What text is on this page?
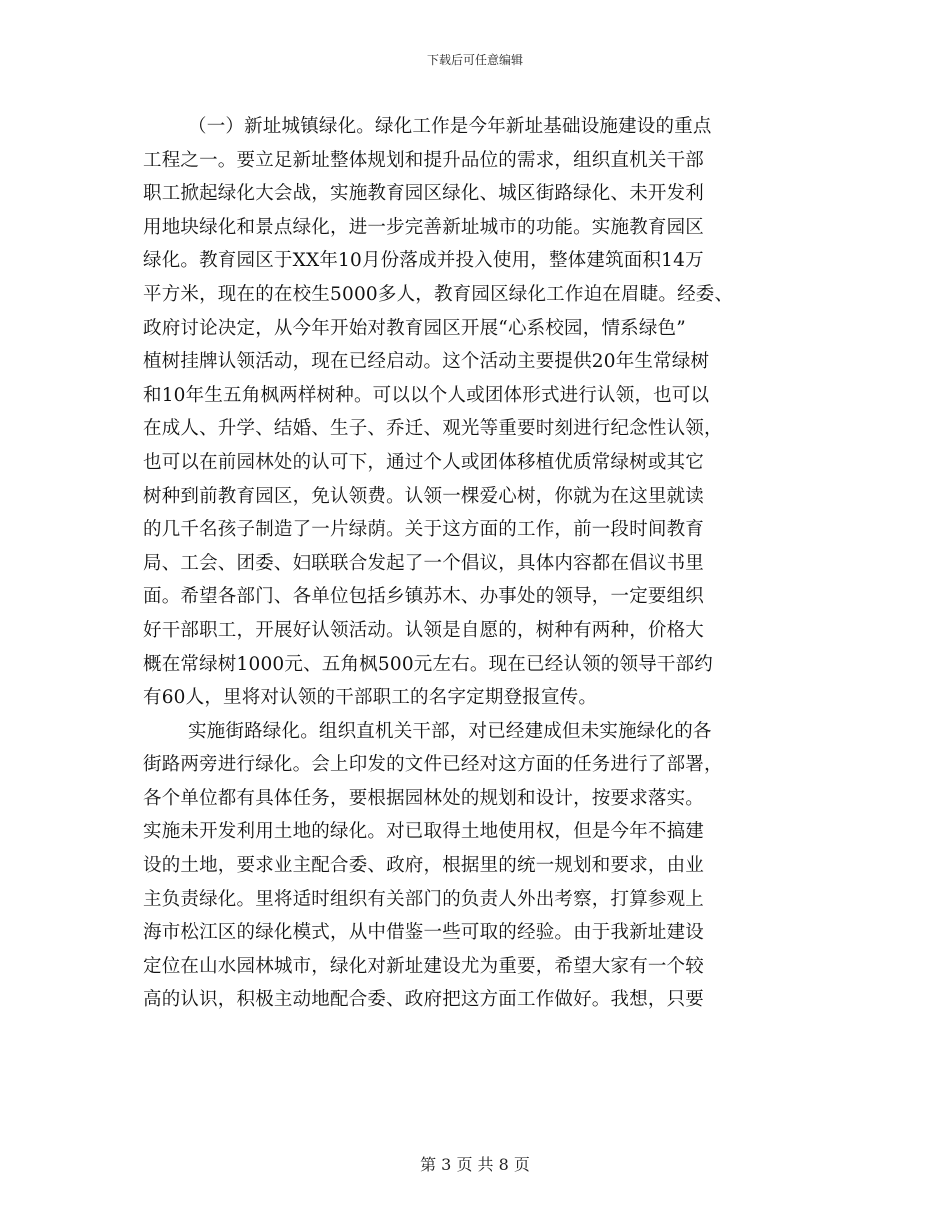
下载后可任意编辑
（一）新址城镇绿化。绿化工作是今年新址基础设施建设的重点
工程之一。要立足新址整体规划和提升品位的需求，组织直机关干部
职工掀起绿化大会战，实施教育园区绿化、城区街路绿化、未开发利
用地块绿化和景点绿化，进一步完善新址城市的功能。实施教育园区
绿化。教育园区于XX年10月份落成并投入使用，整体建筑面积14万
平方米，现在的在校生5000多人，教育园区绿化工作迫在眉睫。经委、
政府讨论决定，从今年开始对教育园区开展“心系校园，情系绿色”
植树挂牌认领活动，现在已经启动。这个活动主要提供20年生常绿树
和10年生五角枫两样树种。可以以个人或团体形式进行认领，也可以
在成人、升学、结婚、生子、乔迁、观光等重要时刻进行纪念性认领，
也可以在前园林处的认可下，通过个人或团体移植优质常绿树或其它
树种到前教育园区，免认领费。认领一棵爱心树，你就为在这里就读
的几千名孩子制造了一片绿荫。关于这方面的工作，前一段时间教育
局、工会、团委、妇联联合发起了一个倡议，具体内容都在倡议书里
面。希望各部门、各单位包括乡镇苏木、办事处的领导，一定要组织
好干部职工，开展好认领活动。认领是自愿的，树种有两种，价格大
概在常绿树1000元、五角枫500元左右。现在已经认领的领导干部约
有60人，里将对认领的干部职工的名字定期登报宣传。
实施街路绿化。组织直机关干部，对已经建成但未实施绿化的各
街路两旁进行绿化。会上印发的文件已经对这方面的任务进行了部署，
各个单位都有具体任务，要根据园林处的规划和设计，按要求落实。
实施未开发利用土地的绿化。对已取得土地使用权，但是今年不搞建
设的土地，要求业主配合委、政府，根据里的统一规划和要求，由业
主负责绿化。里将适时组织有关部门的负责人外出考察，打算参观上
海市松江区的绿化模式，从中借鉴一些可取的经验。由于我新址建设
定位在山水园林城市，绿化对新址建设尤为重要，希望大家有一个较
高的认识，积极主动地配合委、政府把这方面工作做好。我想，只要
第 3 页 共 8 页
